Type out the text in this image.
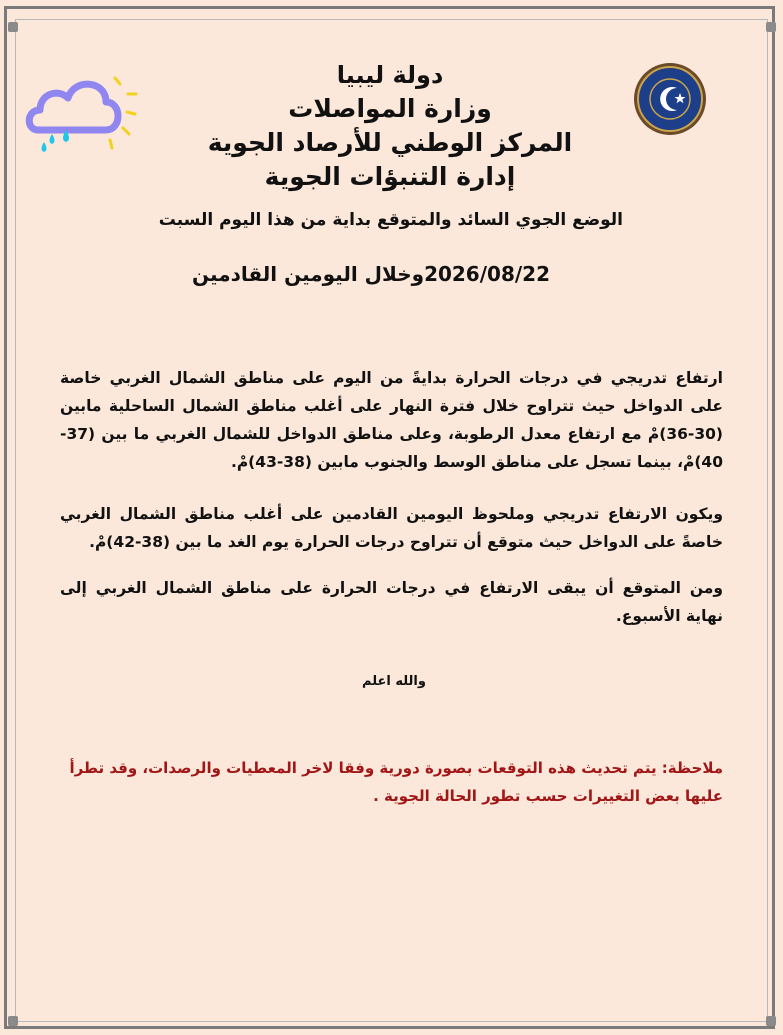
دولة ليبيا
وزارة المواصلات
المركز الوطني للأرصاد الجوية
إدارة التنبؤات الجوية
الوضع الجوي السائد والمتوقع بداية من هذا اليوم السبت
2026/08/22وخلال اليومين القادمين
ارتفاع تدريجي في درجات الحرارة بدايةً من اليوم على مناطق الشمال الغربي خاصة على الدواخل حيث تتراوح خلال فترة النهار على أغلب مناطق الشمال الساحلية مابين (30-36)مْ مع ارتفاع معدل الرطوبة، وعلى مناطق الدواخل للشمال الغربي ما بين (37-40)مْ، بينما تسجل على مناطق الوسط والجنوب مابين (38-43)مْ.
ويكون الارتفاع تدريجي وملحوظ اليومين القادمين على أغلب مناطق الشمال الغربي خاصةً على الدواخل حيث متوقع أن تتراوح درجات الحرارة يوم الغد ما بين (38-42)مْ.
ومن المتوقع أن يبقى الارتفاع في درجات الحرارة على مناطق الشمال الغربي إلى نهاية الأسبوع.
والله اعلم
ملاحظة: يتم تحديث هذه التوقعات بصورة دورية وفقا لاخر المعطيات والرصدات، وقد تطرأ عليها بعض التغييرات حسب تطور الحالة الجوية .
